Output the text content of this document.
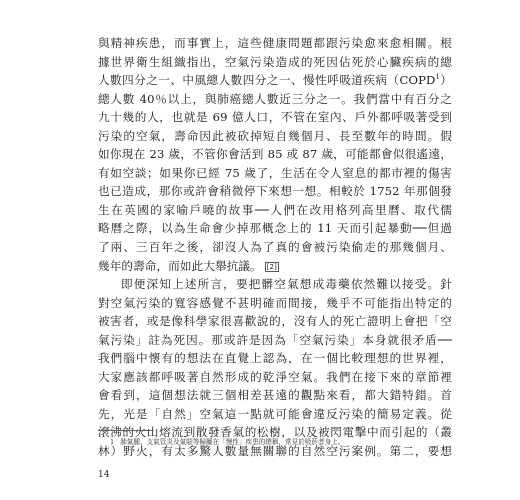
與精神疾患，而事實上，這些健康問題都跟污染愈來愈相關。根
據世界衛生組織指出，空氣污染造成的死因佔死於心臟疾病的總
人數四分之一、中風總人數四分之一、慢性呼吸道疾病（COPD$^1$）
總人數 40％以上，與肺癌總人數近三分之一。我們當中有百分之
九十幾的人，也就是 69 億人口，不管在室內、戶外都呼吸著受到
污染的空氣，壽命因此被砍掉短自幾個月、長至數年的時間。假
如你現在 23 歲，不管你會活到 85 或 87 歲，可能都會似很遙遠，
有如空談；如果你已經 75 歲了，生活在令人窒息的都市裡的傷害
也已造成，那你或許會稍微停下來想一想。相較於 1752 年那個發
生在英國的家喻戶曉的故事──人們在改用格列高里曆、取代儒
略曆之際，以為生命會少掉那概念上的 11 天而引起暴動──但過
了兩、三百年之後，卻沒人為了真的會被污染偷走的那幾個月、
幾年的壽命，而如此大舉抗議。 [2]

即便深知上述所言，要把髒空氣想成毒藥依然難以接受。針
對空氣污染的寬容感覺不甚明確而間接，幾乎不可能指出特定的
被害者，或是像科學家很喜歡說的，沒有人的死亡證明上會把「空
氣污染」註為死因。那或許是因為「空氣污染」本身就很矛盾──
我們腦中懷有的想法在直覺上認為，在一個比較理想的世界裡，
大家應該都呼吸著自然形成的乾淨空氣。我們在接下來的章節裡
會看到，這個想法就三個相差甚遠的觀點來看，都大錯特錯。首
先，光是「自然」空氣這一點就可能會違反污染的簡易定義。從
滾沸的火山熔流到散發香氣的松樹，以及被閃電擊中而引起的（叢
林）野火，有太多驚人數量無關聯的自然空污案例。第二，要想

1 肺氣腫、支氣管炎及氣喘等歸屬在「慢性」疾患的總稱，常見於吸菸者身上。
14
